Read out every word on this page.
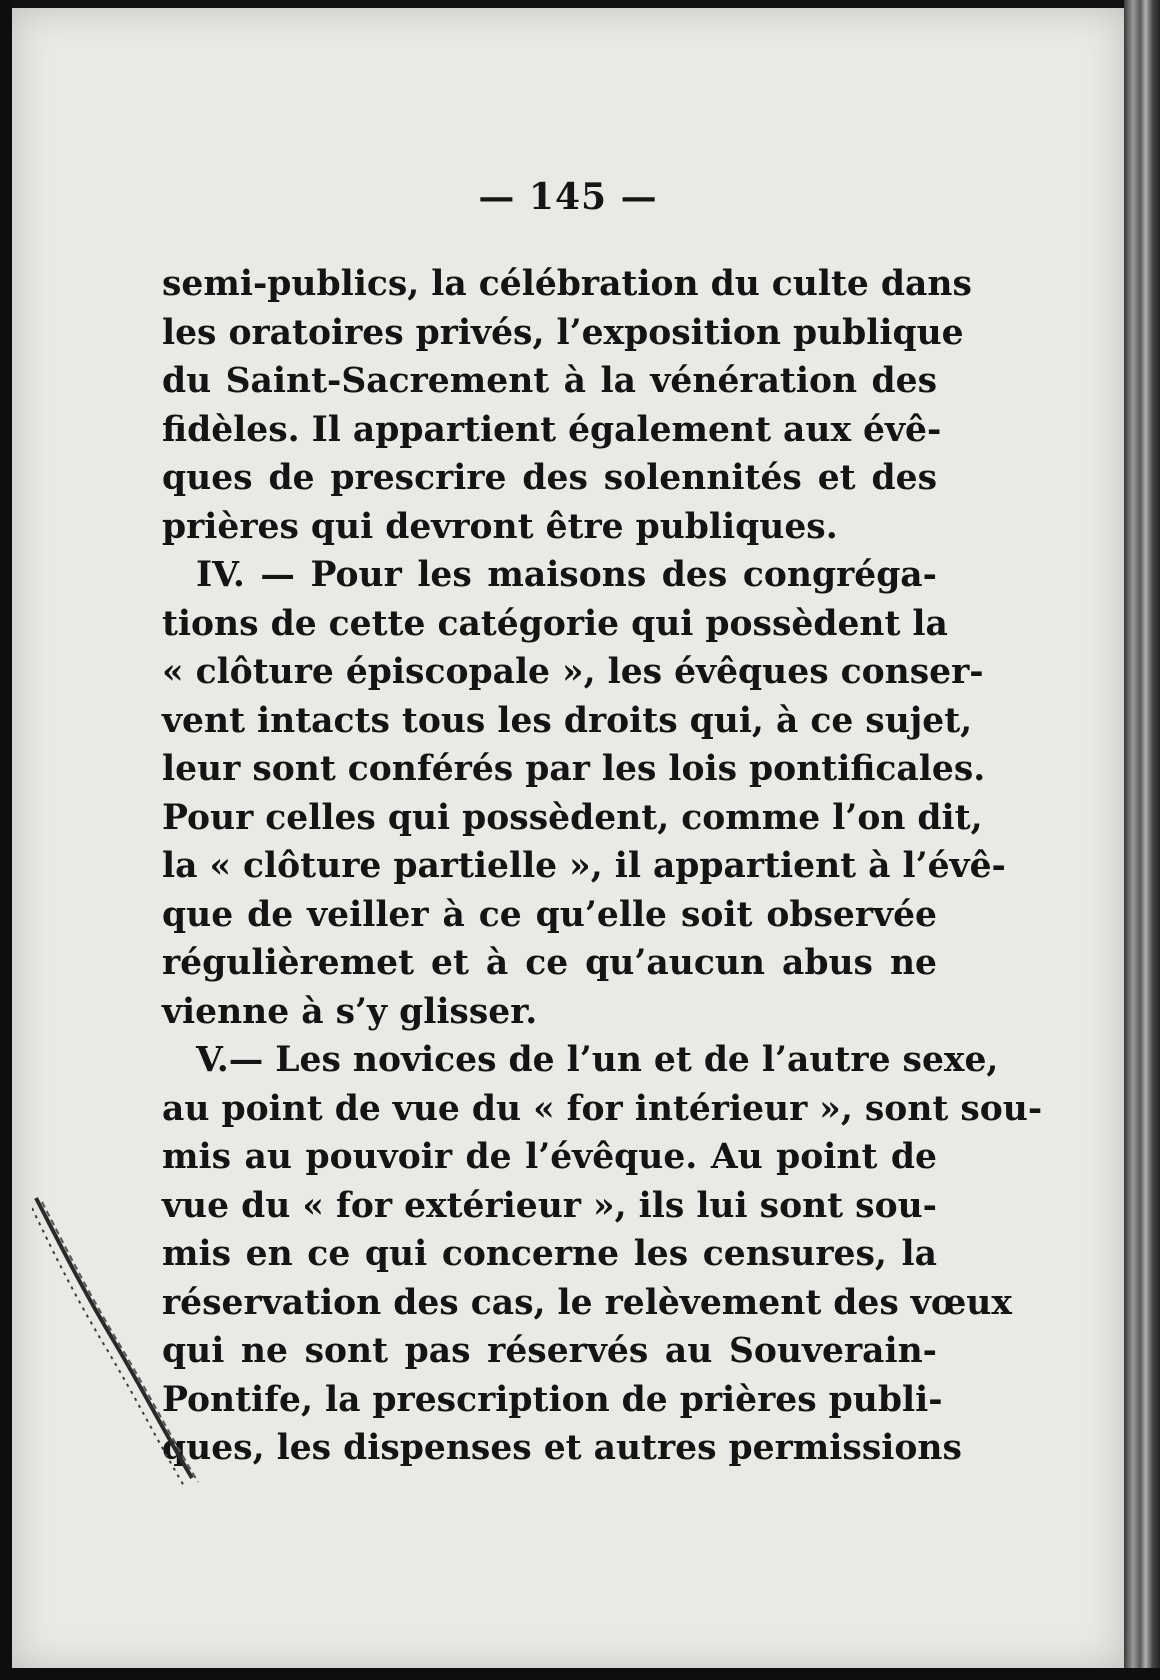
— 145 —
semi-publics, la célébration du culte dans
les oratoires privés, l’exposition publique
du Saint-Sacrement à la vénération des
fidèles. Il appartient également aux évê-
ques de prescrire des solennités et des
prières qui devront être publiques.
IV. — Pour les maisons des congréga-
tions de cette catégorie qui possèdent la
« clôture épiscopale », les évêques conser-
vent intacts tous les droits qui, à ce sujet,
leur sont conférés par les lois pontificales.
Pour celles qui possèdent, comme l’on dit,
la « clôture partielle », il appartient à l’évê-
que de veiller à ce qu’elle soit observée
régulièremet et à ce qu’aucun abus ne
vienne à s’y glisser.
V.— Les novices de l’un et de l’autre sexe,
au point de vue du « for intérieur », sont sou-
mis au pouvoir de l’évêque. Au point de
vue du « for extérieur », ils lui sont sou-
mis en ce qui concerne les censures, la
réservation des cas, le relèvement des vœux
qui ne sont pas réservés au Souverain-
Pontife, la prescription de prières publi-
ques, les dispenses et autres permissions
